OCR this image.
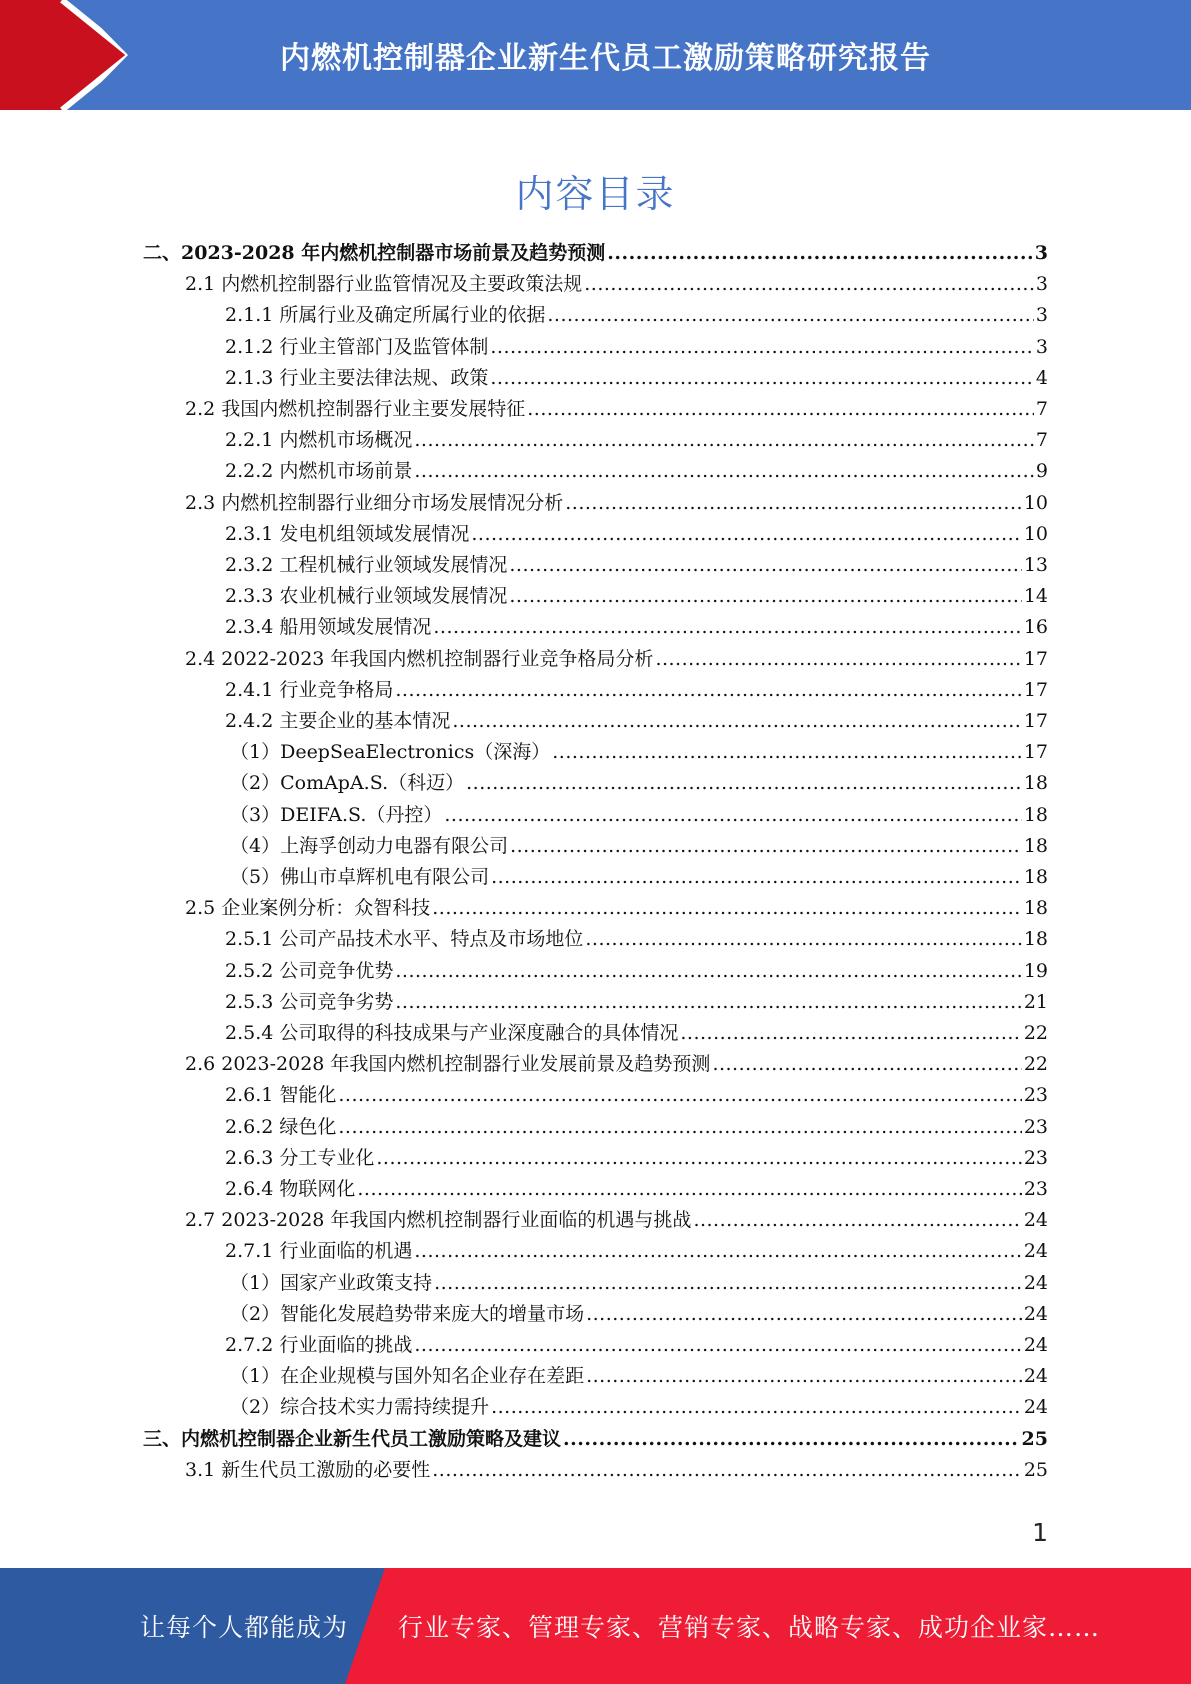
内燃机控制器企业新生代员工激励策略研究报告
内容目录
二、2023-2028 年内燃机控制器市场前景及趋势预测 .....	3
2.1 内燃机控制器行业监管情况及主要政策法规 .....	3
2.1.1 所属行业及确定所属行业的依据 .....	3
2.1.2 行业主管部门及监管体制 .....	3
2.1.3 行业主要法律法规、政策 .....	4
2.2 我国内燃机控制器行业主要发展特征 .....	7
2.2.1 内燃机市场概况 .....	7
2.2.2 内燃机市场前景 .....	9
2.3 内燃机控制器行业细分市场发展情况分析 .....	10
2.3.1 发电机组领域发展情况 .....	10
2.3.2 工程机械行业领域发展情况 .....	13
2.3.3 农业机械行业领域发展情况 .....	14
2.3.4 船用领域发展情况 .....	16
2.4 2022-2023 年我国内燃机控制器行业竞争格局分析 .....	17
2.4.1 行业竞争格局 .....	17
2.4.2 主要企业的基本情况 .....	17
（1）DeepSeaElectronics（深海） .....	17
（2）ComApA.S.（科迈） .....	18
（3）DEIFA.S.（丹控） .....	18
（4）上海孚创动力电器有限公司 .....	18
（5）佛山市卓辉机电有限公司 .....	18
2.5 企业案例分析：众智科技 .....	18
2.5.1 公司产品技术水平、特点及市场地位 .....	18
2.5.2 公司竞争优势 .....	19
2.5.3 公司竞争劣势 .....	21
2.5.4 公司取得的科技成果与产业深度融合的具体情况 .....	22
2.6 2023-2028 年我国内燃机控制器行业发展前景及趋势预测 .....	22
2.6.1 智能化 .....	23
2.6.2 绿色化 .....	23
2.6.3 分工专业化 .....	23
2.6.4 物联网化 .....	23
2.7 2023-2028 年我国内燃机控制器行业面临的机遇与挑战 .....	24
2.7.1 行业面临的机遇 .....	24
（1）国家产业政策支持 .....	24
（2）智能化发展趋势带来庞大的增量市场 .....	24
2.7.2 行业面临的挑战 .....	24
（1）在企业规模与国外知名企业存在差距 .....	24
（2）综合技术实力需持续提升 .....	24
三、内燃机控制器企业新生代员工激励策略及建议 .....	25
3.1 新生代员工激励的必要性 .....	25
1
让每个人都能成为 行业专家、管理专家、营销专家、战略专家、成功企业家……
